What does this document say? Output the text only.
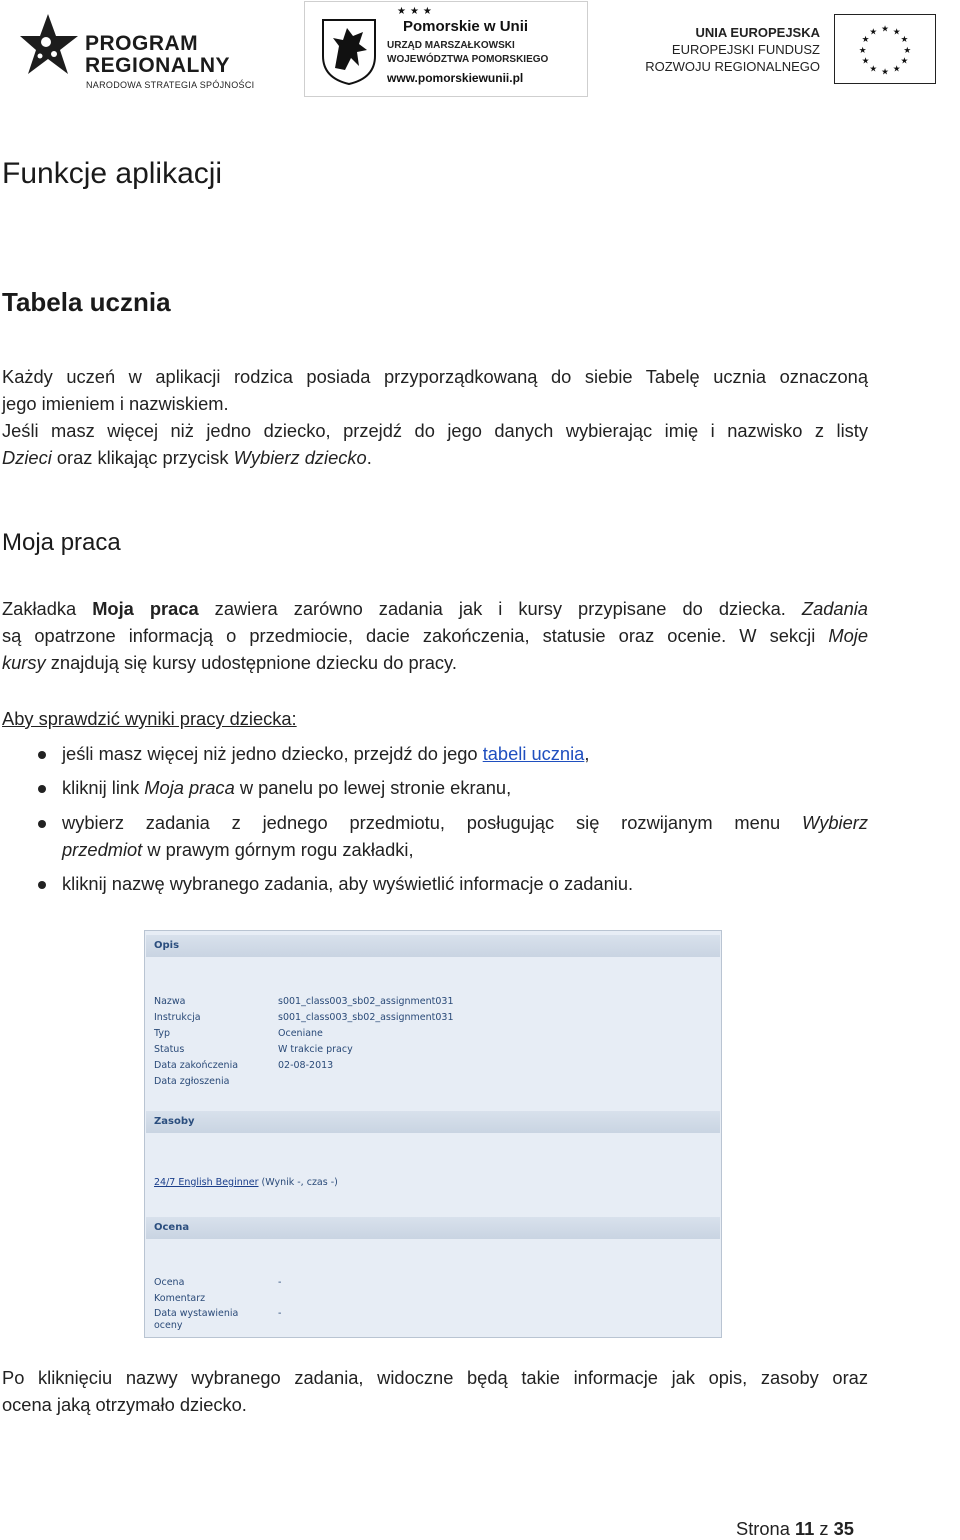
PROGRAM
REGIONALNY
NARODOWA STRATEGIA SPÓJNOŚCI
★★★
Pomorskie w Unii
URZĄD MARSZAŁKOWSKI
WOJEWÓDZTWA POMORSKIEGO
www.pomorskiewunii.pl
UNIA EUROPEJSKA
EUROPEJSKI FUNDUSZ
ROZWOJU REGIONALNEGO
★ ★
★
★
★
★
★
★
★
★
★
★
Funkcje aplikacji
Tabela ucznia
Każdy uczeń w aplikacji rodzica posiada przyporządkowaną do siebie Tabelę ucznia oznaczoną
jego imieniem i nazwiskiem.
Jeśli masz więcej niż jedno dziecko, przejdź do jego danych wybierając imię i nazwisko z listy
Dzieci oraz klikając przycisk Wybierz dziecko.
Moja praca
Zakładka Moja praca zawiera zarówno zadania jak i kursy przypisane do dziecka. Zadania
są opatrzone informacją o przedmiocie, dacie zakończenia, statusie oraz ocenie. W sekcji Moje
kursy znajdują się kursy udostępnione dziecku do pracy.
Aby sprawdzić wyniki pracy dziecka:
jeśli masz więcej niż jedno dziecko, przejdź do jego tabeli ucznia,
kliknij link Moja praca w panelu po lewej stronie ekranu,
wybierz zadania z jednego przedmiotu, posługując się rozwijanym menu Wybierz
przedmiot w prawym górnym rogu zakładki,
kliknij nazwę wybranego zadania, aby wyświetlić informacje o zadaniu.
Opis
Nazwa	s001_class003_sb02_assignment031
Instrukcja	s001_class003_sb02_assignment031
Typ	Oceniane
Status	W trakcie pracy
Data zakończenia	02-08-2013
Data zgłoszenia
Zasoby
24/7 English Beginner (Wynik -, czas -)
Ocena
Ocena	-
Komentarz
Data wystawienia	-
oceny
Po kliknięciu nazwy wybranego zadania, widoczne będą takie informacje jak opis, zasoby oraz
ocena jaką otrzymało dziecko.
Strona 11 z 35
